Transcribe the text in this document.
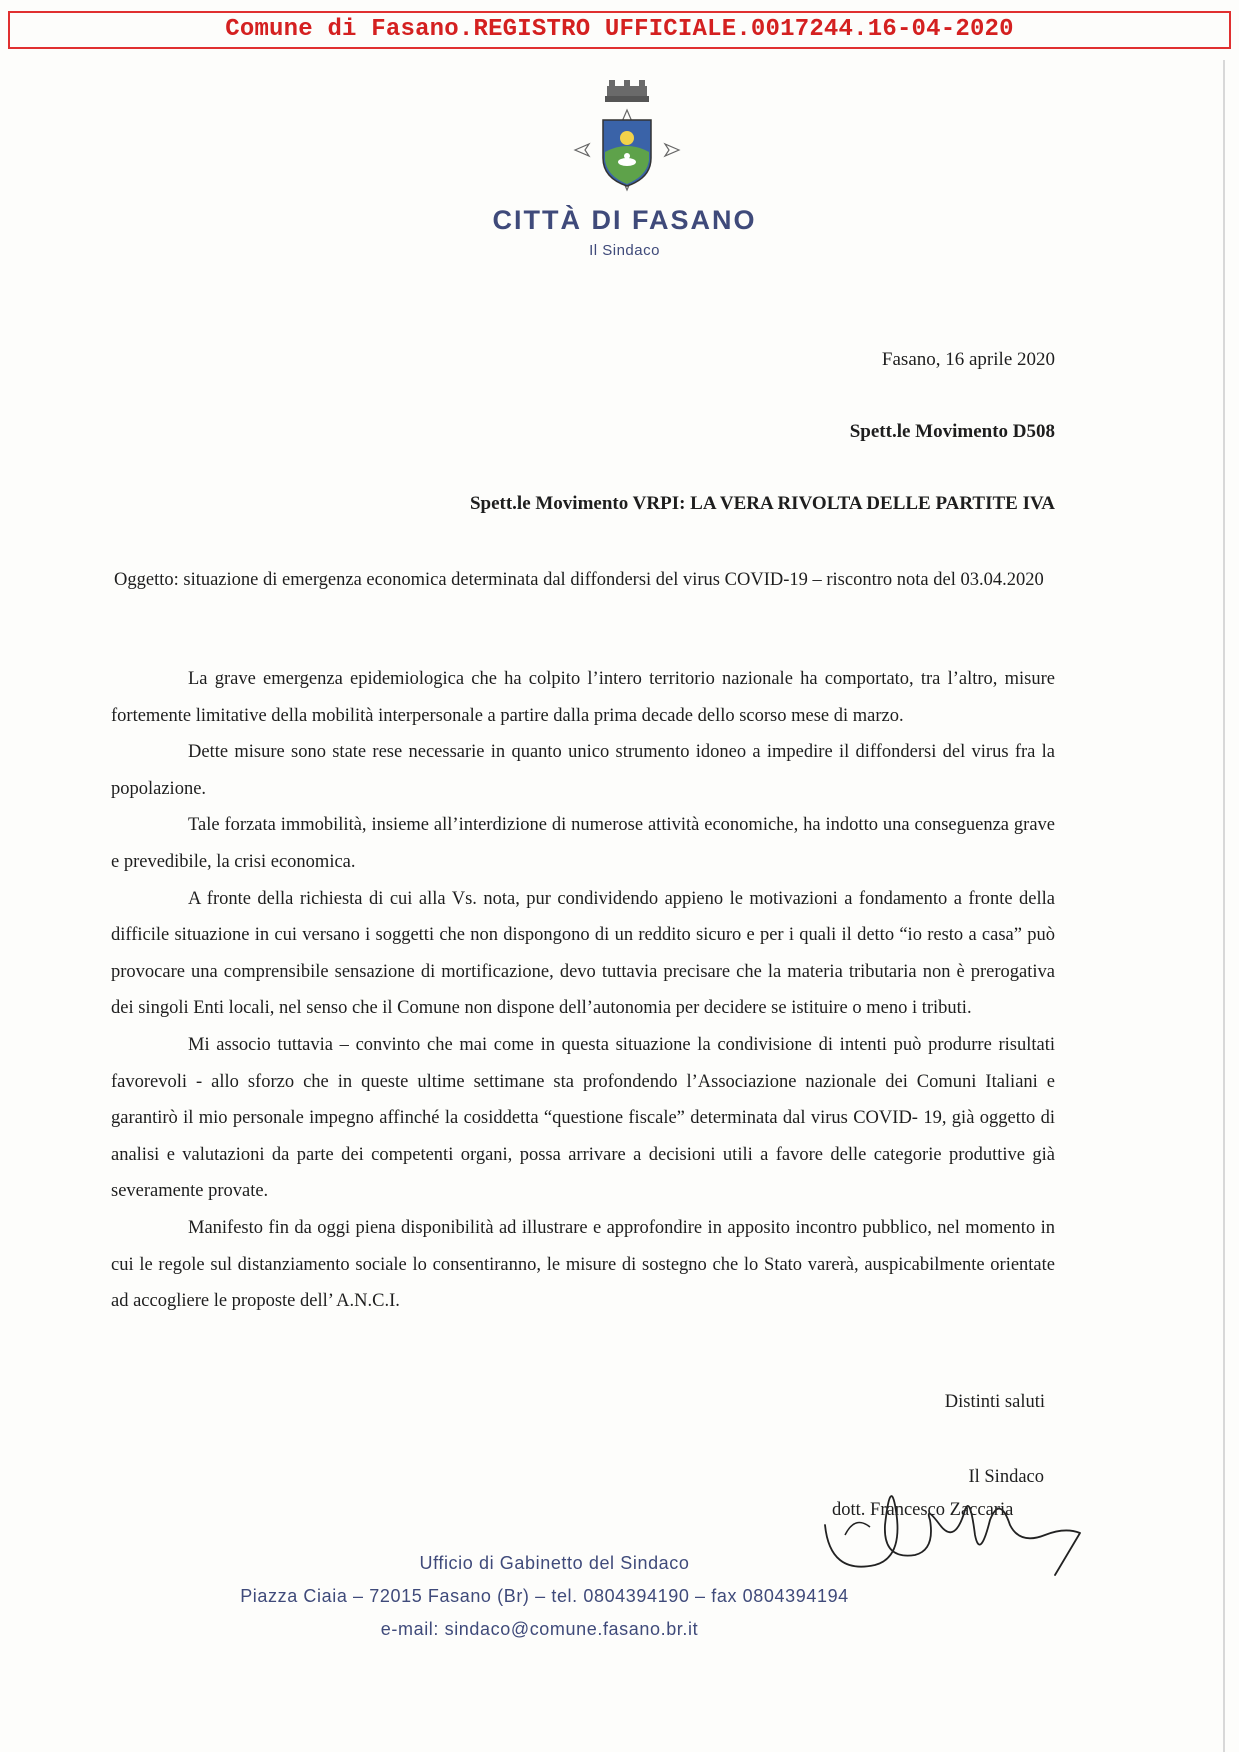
Comune di Fasano.REGISTRO UFFICIALE.0017244.16-04-2020
CITTÀ DI FASANO
Il Sindaco
Fasano, 16 aprile 2020
Spett.le Movimento D508
Spett.le Movimento VRPI: LA VERA RIVOLTA DELLE PARTITE IVA
Oggetto: situazione di emergenza economica determinata dal diffondersi del virus COVID-19 – riscontro nota del 03.04.2020

La grave emergenza epidemiologica che ha colpito l’intero territorio nazionale ha comportato, tra l’altro, misure fortemente limitative della mobilità interpersonale a partire dalla prima decade dello scorso mese di marzo.

Dette misure sono state rese necessarie in quanto unico strumento idoneo a impedire il diffondersi del virus fra la popolazione.

Tale forzata immobilità, insieme all’interdizione di numerose attività economiche, ha indotto una conseguenza grave e prevedibile, la crisi economica.

A fronte della richiesta di cui alla Vs. nota, pur condividendo appieno le motivazioni a fondamento a fronte della difficile situazione in cui versano i soggetti che non dispongono di un reddito sicuro e per i quali il detto “io resto a casa” può provocare una comprensibile sensazione di mortificazione, devo tuttavia precisare che la materia tributaria non è prerogativa dei singoli Enti locali, nel senso che il Comune non dispone dell’autonomia per decidere se istituire o meno i tributi.

Mi associo tuttavia – convinto che mai come in questa situazione la condivisione di intenti può produrre risultati favorevoli - allo sforzo che in queste ultime settimane sta profondendo l’Associazione nazionale dei Comuni Italiani e garantirò il mio personale impegno affinché la cosiddetta “questione fiscale” determinata dal virus COVID- 19, già oggetto di analisi e valutazioni da parte dei competenti organi, possa arrivare a decisioni utili a favore delle categorie produttive già severamente provate.

Manifesto fin da oggi piena disponibilità ad illustrare e approfondire in apposito incontro pubblico, nel momento in cui le regole sul distanziamento sociale lo consentiranno, le misure di sostegno che lo Stato varerà, auspicabilmente orientate ad accogliere le proposte dell’ A.N.C.I.

Distinti saluti
Il Sindaco
dott. Francesco Zaccaria
Ufficio di Gabinetto del Sindaco
Piazza Ciaia – 72015 Fasano (Br) – tel. 0804394190 – fax 0804394194
e-mail: sindaco@comune.fasano.br.it
